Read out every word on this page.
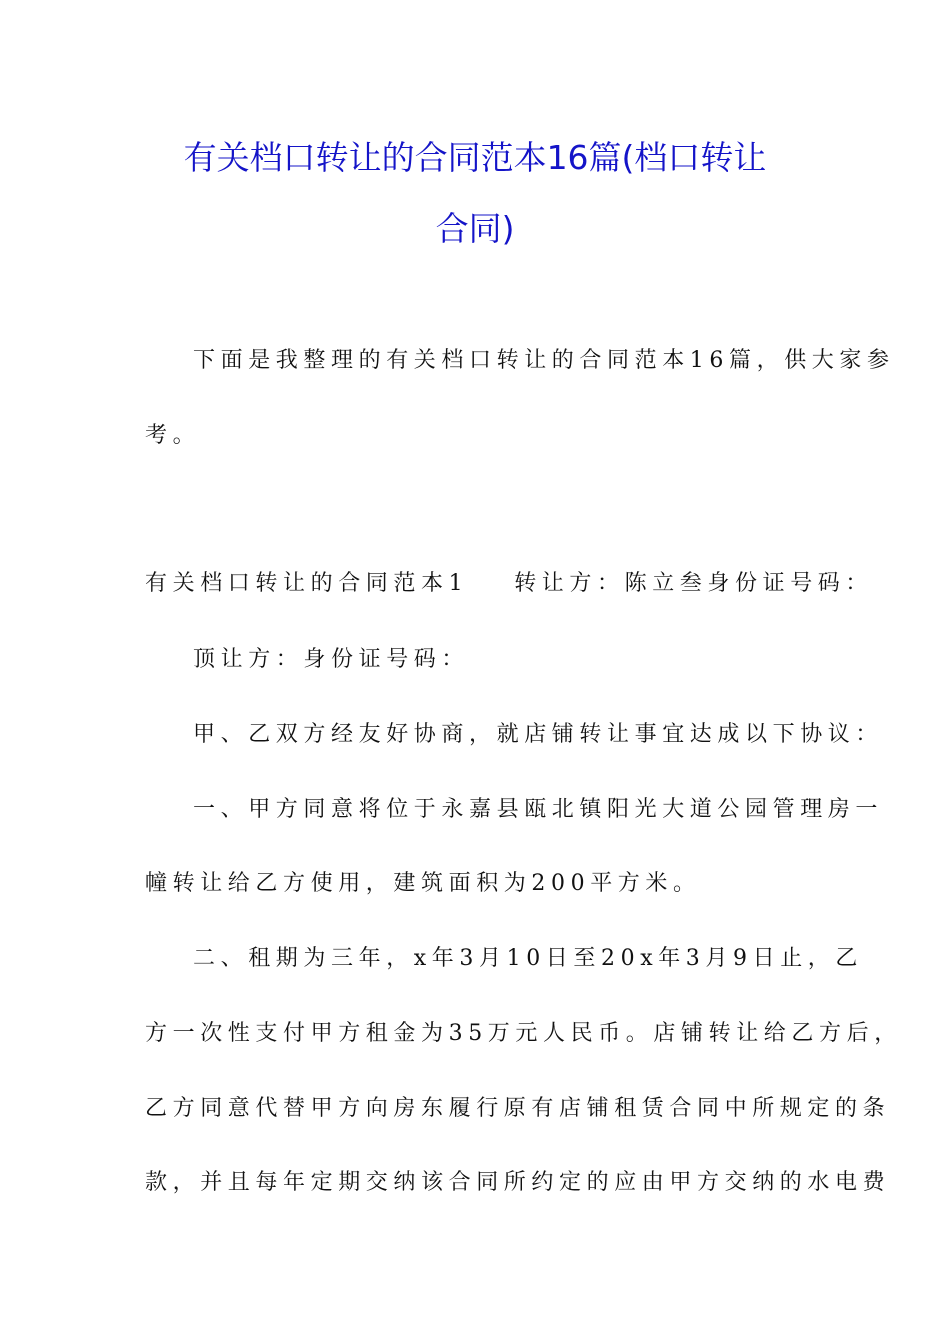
有关档口转让的合同范本16篇(档口转让
合同)
下面是我整理的有关档口转让的合同范本16篇，供大家参
考。
有关档口转让的合同范本1 转让方：陈立叁身份证号码：
顶让方：身份证号码：
甲、乙双方经友好协商，就店铺转让事宜达成以下协议：
一、甲方同意将位于永嘉县瓯北镇阳光大道公园管理房一
幢转让给乙方使用，建筑面积为200平方米。
二、租期为三年，x年3月10日至20x年3月9日止，乙
方一次性支付甲方租金为35万元人民币。店铺转让给乙方后，
乙方同意代替甲方向房东履行原有店铺租赁合同中所规定的条
款，并且每年定期交纳该合同所约定的应由甲方交纳的水电费
